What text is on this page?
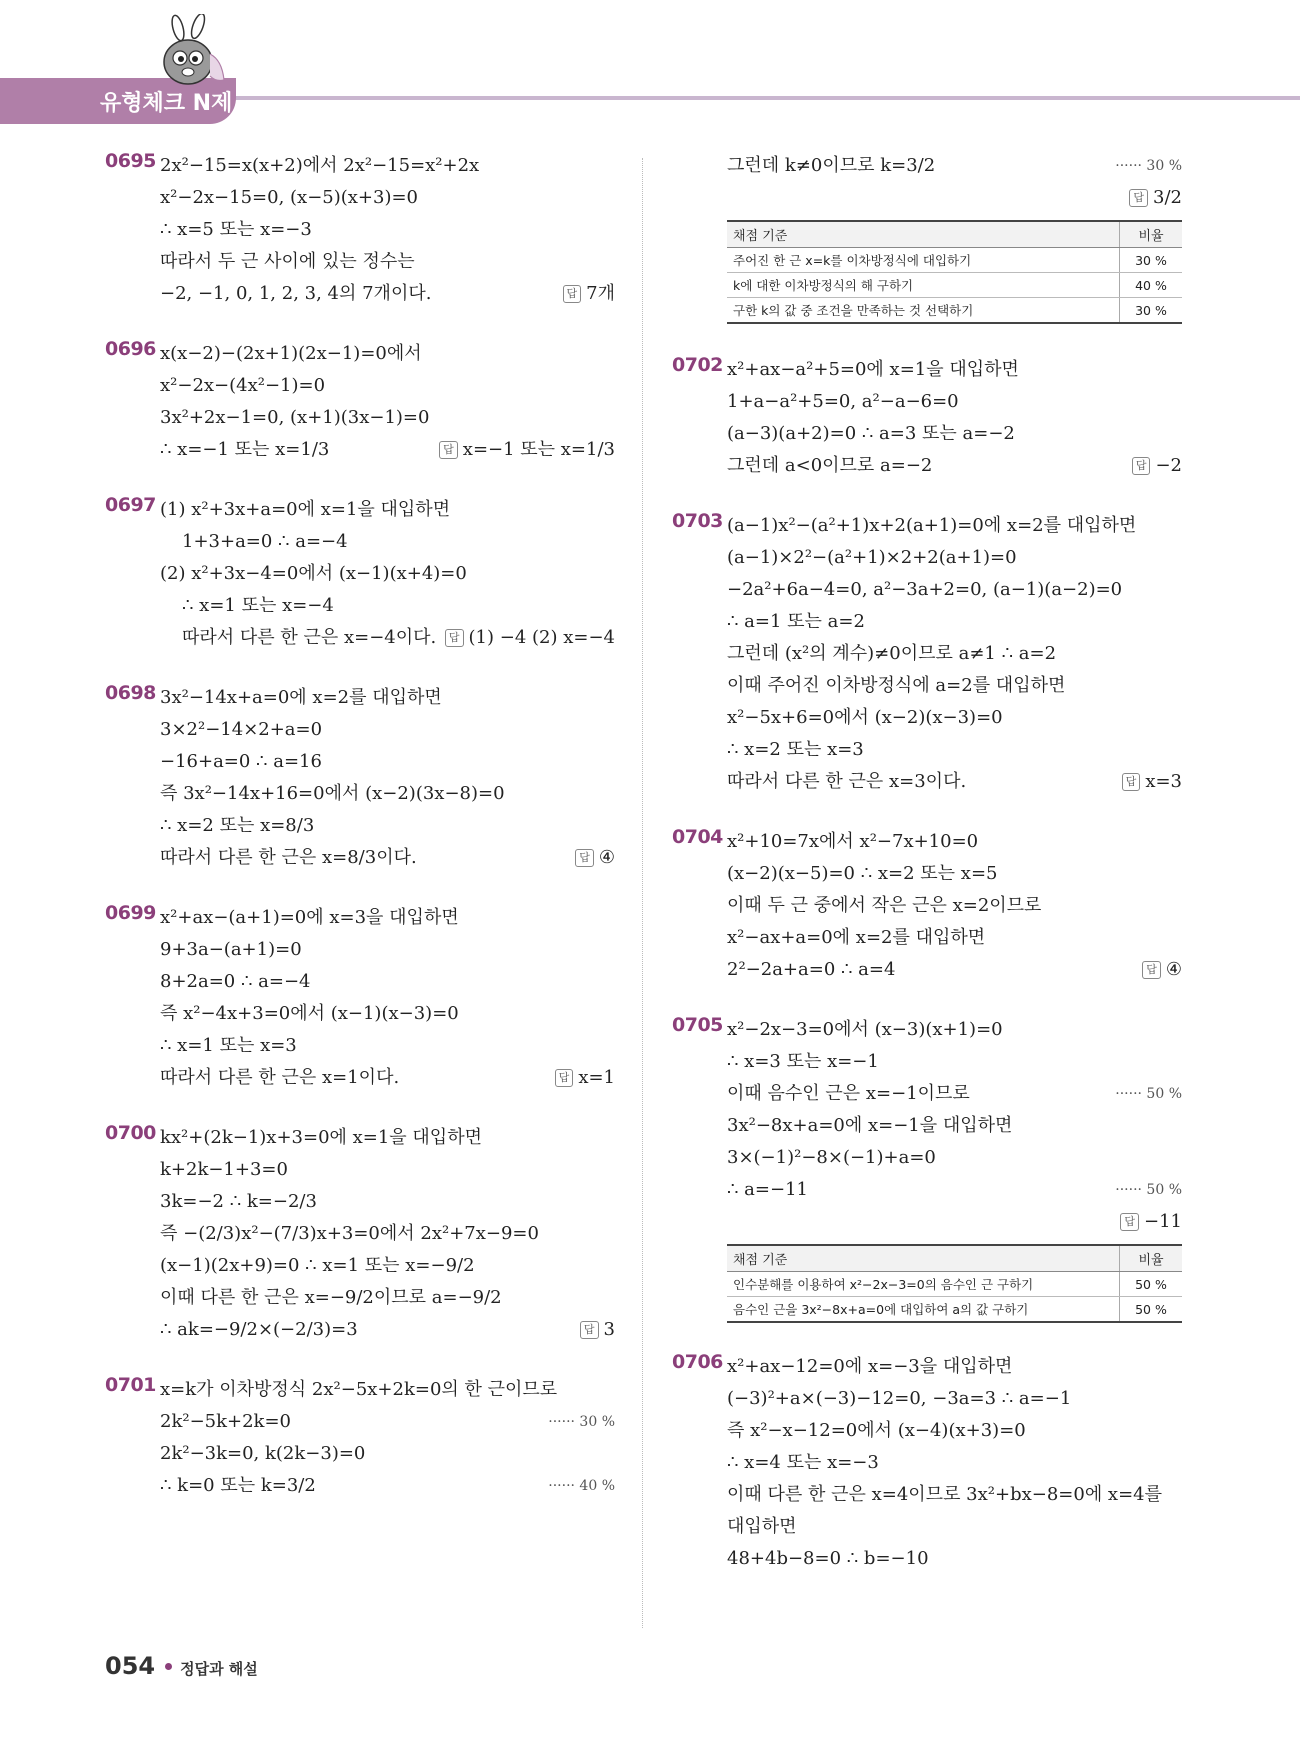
유형체크 N제
0695 2x²−15=x(x+2)에서 2x²−15=x²+2x
x²−2x−15=0, (x−5)(x+3)=0
∴ x=5 또는 x=−3
따라서 두 근 사이에 있는 정수는
−2, −1, 0, 1, 2, 3, 4의 7개이다.	답 7개
0696 x(x−2)−(2x+1)(2x−1)=0에서
x²−2x−(4x²−1)=0
3x²+2x−1=0, (x+1)(3x−1)=0
∴ x=−1 또는 x=1/3	답 x=−1 또는 x=1/3
0697 (1) x²+3x+a=0에 x=1을 대입하면
1+3+a=0 ∴ a=−4
(2) x²+3x−4=0에서 (x−1)(x+4)=0
∴ x=1 또는 x=−4
따라서 다른 한 근은 x=−4이다.	답 (1) −4 (2) x=−4
0698 3x²−14x+a=0에 x=2를 대입하면
3×2²−14×2+a=0
−16+a=0 ∴ a=16
즉 3x²−14x+16=0에서 (x−2)(3x−8)=0
∴ x=2 또는 x=8/3
따라서 다른 한 근은 x=8/3이다.	답 ④
0699 x²+ax−(a+1)=0에 x=3을 대입하면
9+3a−(a+1)=0
8+2a=0 ∴ a=−4
즉 x²−4x+3=0에서 (x−1)(x−3)=0
∴ x=1 또는 x=3
따라서 다른 한 근은 x=1이다.	답 x=1
0700 kx²+(2k−1)x+3=0에 x=1을 대입하면
k+2k−1+3=0
3k=−2 ∴ k=−2/3
즉 −(2/3)x²−(7/3)x+3=0에서 2x²+7x−9=0
(x−1)(2x+9)=0 ∴ x=1 또는 x=−9/2
이때 다른 한 근은 x=−9/2이므로 a=−9/2
∴ ak=−9/2×(−2/3)=3	답 3
0701 x=k가 이차방정식 2x²−5x+2k=0의 한 근이므로
2k²−5k+2k=0	······ 30 %
2k²−3k=0, k(2k−3)=0
∴ k=0 또는 k=3/2	······ 40 %
그런데 k≠0이므로 k=3/2	······ 30 %
답 3/2
채점 기준	비율
주어진 한 근 x=k를 이차방정식에 대입하기	30 %
k에 대한 이차방정식의 해 구하기	40 %
구한 k의 값 중 조건을 만족하는 것 선택하기	30 %
0702 x²+ax−a²+5=0에 x=1을 대입하면
1+a−a²+5=0, a²−a−6=0
(a−3)(a+2)=0 ∴ a=3 또는 a=−2
그런데 a<0이므로 a=−2	답 −2
0703 (a−1)x²−(a²+1)x+2(a+1)=0에 x=2를 대입하면
(a−1)×2²−(a²+1)×2+2(a+1)=0
−2a²+6a−4=0, a²−3a+2=0, (a−1)(a−2)=0
∴ a=1 또는 a=2
그런데 (x²의 계수)≠0이므로 a≠1 ∴ a=2
이때 주어진 이차방정식에 a=2를 대입하면
x²−5x+6=0에서 (x−2)(x−3)=0
∴ x=2 또는 x=3
따라서 다른 한 근은 x=3이다.	답 x=3
0704 x²+10=7x에서 x²−7x+10=0
(x−2)(x−5)=0 ∴ x=2 또는 x=5
이때 두 근 중에서 작은 근은 x=2이므로
x²−ax+a=0에 x=2를 대입하면
2²−2a+a=0 ∴ a=4	답 ④
0705 x²−2x−3=0에서 (x−3)(x+1)=0
∴ x=3 또는 x=−1
이때 음수인 근은 x=−1이므로	······ 50 %
3x²−8x+a=0에 x=−1을 대입하면
3×(−1)²−8×(−1)+a=0
∴ a=−11	······ 50 %
답 −11
채점 기준	비율
인수분해를 이용하여 x²−2x−3=0의 음수인 근 구하기	50 %
음수인 근을 3x²−8x+a=0에 대입하여 a의 값 구하기	50 %
0706 x²+ax−12=0에 x=−3을 대입하면
(−3)²+a×(−3)−12=0, −3a=3 ∴ a=−1
즉 x²−x−12=0에서 (x−4)(x+3)=0
∴ x=4 또는 x=−3
이때 다른 한 근은 x=4이므로 3x²+bx−8=0에 x=4를
대입하면
48+4b−8=0 ∴ b=−10
054 정답과 해설
